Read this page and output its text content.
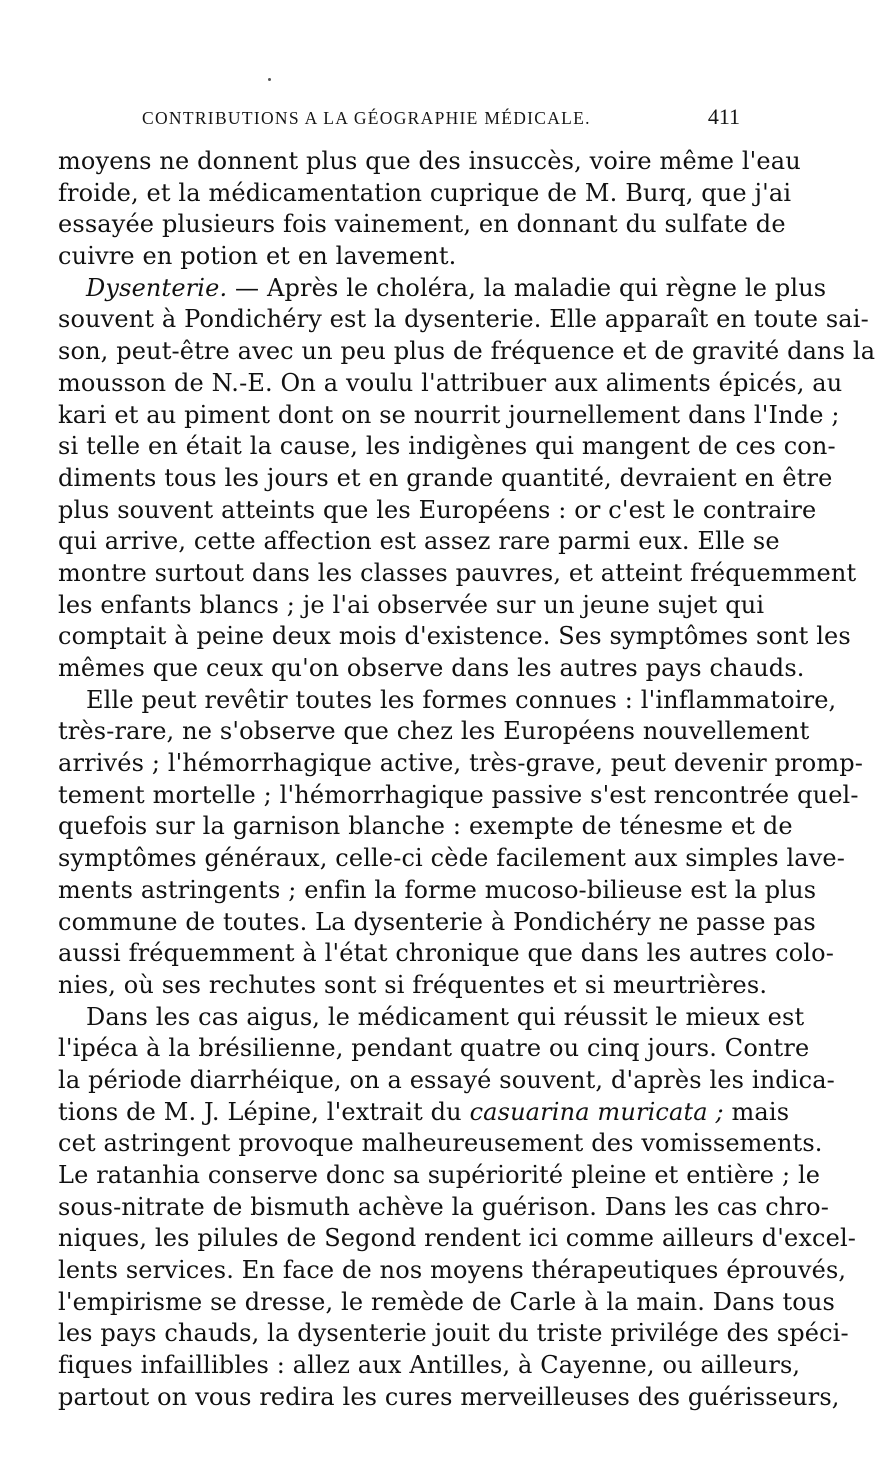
CONTRIBUTIONS A LA GÉOGRAPHIE MÉDICALE.	411
moyens ne donnent plus que des insuccès, voire même l'eau
froide, et la médicamentation cuprique de M. Burq, que j'ai
essayée plusieurs fois vainement, en donnant du sulfate de
cuivre en potion et en lavement.
Dysenterie. — Après le choléra, la maladie qui règne le plus
souvent à Pondichéry est la dysenterie. Elle apparaît en toute sai-
son, peut-être avec un peu plus de fréquence et de gravité dans la
mousson de N.-E. On a voulu l'attribuer aux aliments épicés, au
kari et au piment dont on se nourrit journellement dans l'Inde ;
si telle en était la cause, les indigènes qui mangent de ces con-
diments tous les jours et en grande quantité, devraient en être
plus souvent atteints que les Européens : or c'est le contraire
qui arrive, cette affection est assez rare parmi eux. Elle se
montre surtout dans les classes pauvres, et atteint fréquemment
les enfants blancs ; je l'ai observée sur un jeune sujet qui
comptait à peine deux mois d'existence. Ses symptômes sont les
mêmes que ceux qu'on observe dans les autres pays chauds.
Elle peut revêtir toutes les formes connues : l'inflammatoire,
très-rare, ne s'observe que chez les Européens nouvellement
arrivés ; l'hémorrhagique active, très-grave, peut devenir promp-
tement mortelle ; l'hémorrhagique passive s'est rencontrée quel-
quefois sur la garnison blanche : exempte de ténesme et de
symptômes généraux, celle-ci cède facilement aux simples lave-
ments astringents ; enfin la forme mucoso-bilieuse est la plus
commune de toutes. La dysenterie à Pondichéry ne passe pas
aussi fréquemment à l'état chronique que dans les autres colo-
nies, où ses rechutes sont si fréquentes et si meurtrières.
Dans les cas aigus, le médicament qui réussit le mieux est
l'ipéca à la brésilienne, pendant quatre ou cinq jours. Contre
la période diarrhéique, on a essayé souvent, d'après les indica-
tions de M. J. Lépine, l'extrait du casuarina muricata ; mais
cet astringent provoque malheureusement des vomissements.
Le ratanhia conserve donc sa supériorité pleine et entière ; le
sous-nitrate de bismuth achève la guérison. Dans les cas chro-
niques, les pilules de Segond rendent ici comme ailleurs d'excel-
lents services. En face de nos moyens thérapeutiques éprouvés,
l'empirisme se dresse, le remède de Carle à la main. Dans tous
les pays chauds, la dysenterie jouit du triste privilége des spéci-
fiques infaillibles : allez aux Antilles, à Cayenne, ou ailleurs,
partout on vous redira les cures merveilleuses des guérisseurs,
